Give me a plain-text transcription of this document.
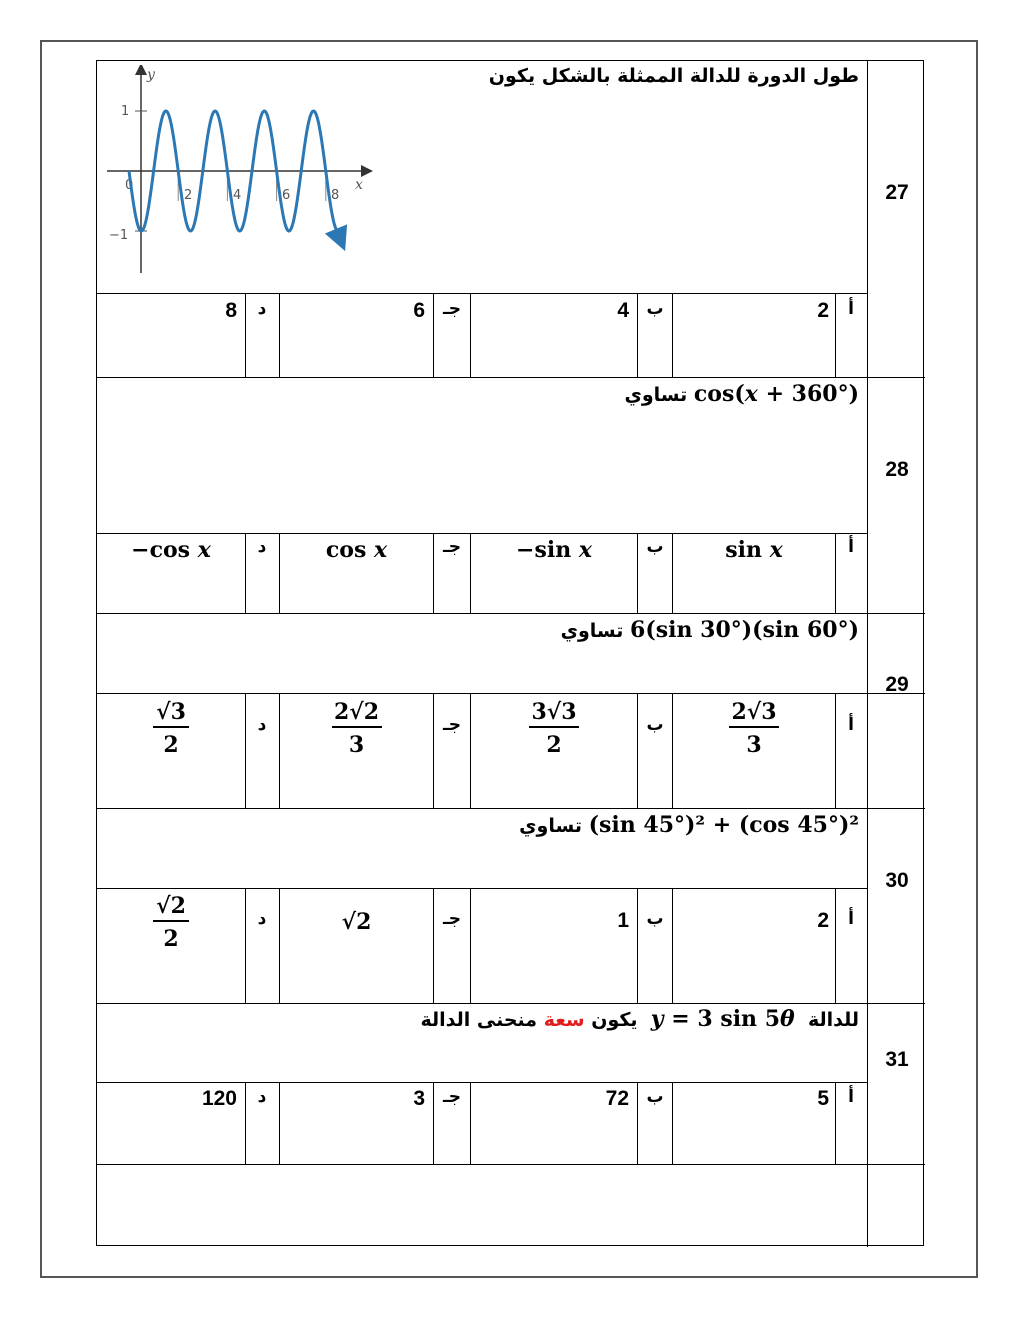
27
طول الدورة للدالة الممثلة بالشكل يكون
y
x
1
−1
0
2	4	6	8
أ
2
ب
4
جـ
6
د
8
28
cos(x + 360°) تساوي
أ
sin x
ب
−sin x
جـ
cos x
د
−cos x
29
6(sin 30°)(sin 60°) تساوي
أ
2√3
3
ب
3√3
2
جـ
2√2
3
د
√3
2
30
(sin 45°)² + (cos 45°)² تساوي
أ
2
ب
1
جـ
√2
د
√2
2
31
للدالة  y = 3 sin 5θ  يكون سعة منحنى الدالة
أ
5
ب
72
جـ
3
د
120
